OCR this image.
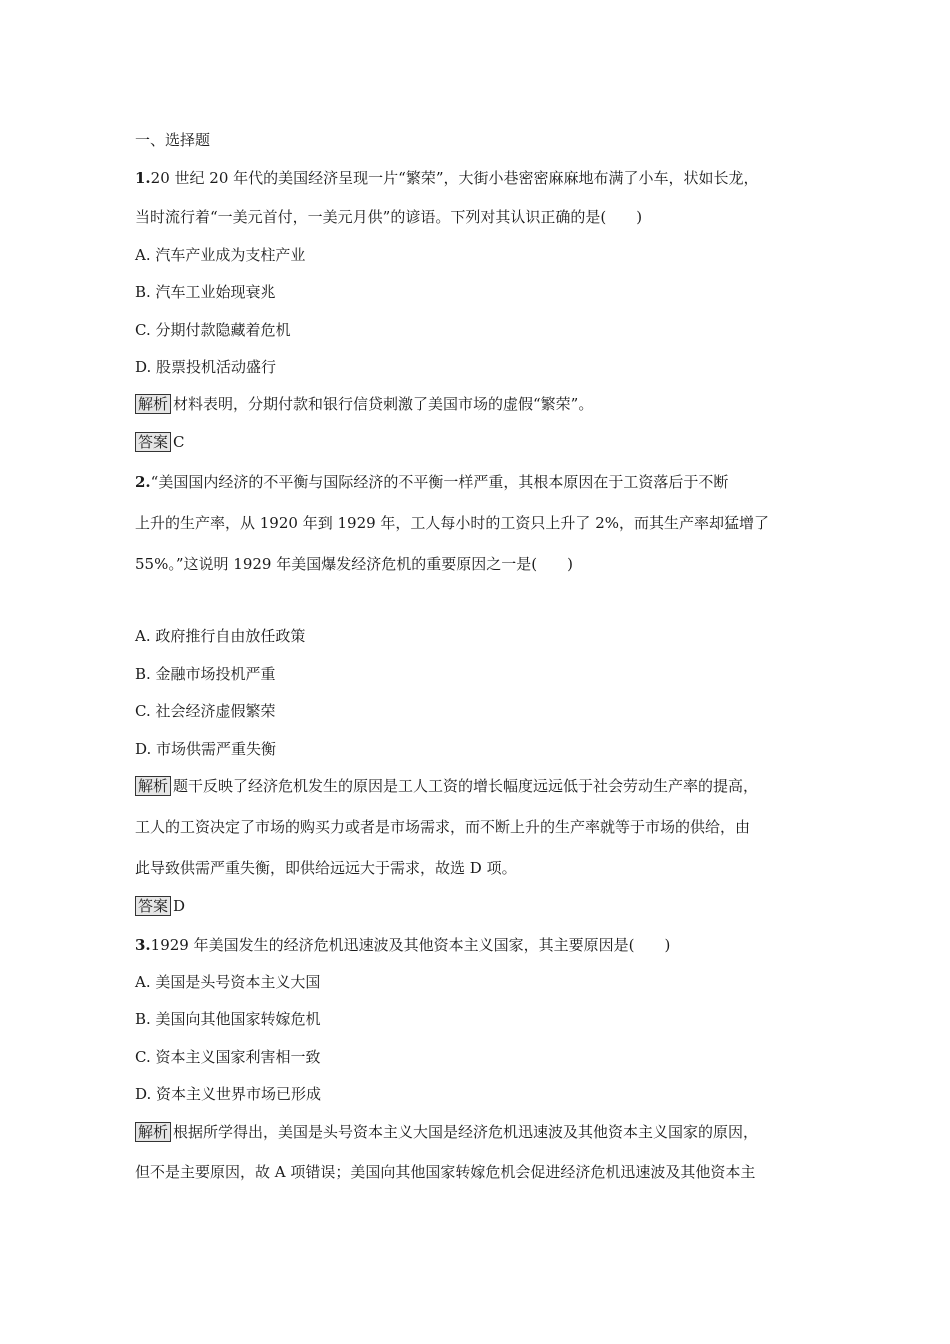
一、选择题
1.20 世纪 20 年代的美国经济呈现一片“繁荣”，大街小巷密密麻麻地布满了小车，状如长龙，
当时流行着“一美元首付，一美元月供”的谚语。下列对其认识正确的是(　　)
A. 汽车产业成为支柱产业
B. 汽车工业始现衰兆
C. 分期付款隐藏着危机
D. 股票投机活动盛行
解析 材料表明，分期付款和银行信贷刺激了美国市场的虚假“繁荣”。
答案 C
2.“美国国内经济的不平衡与国际经济的不平衡一样严重，其根本原因在于工资落后于不断
上升的生产率，从 1920 年到 1929 年，工人每小时的工资只上升了 2%，而其生产率却猛增了
55%。”这说明 1929 年美国爆发经济危机的重要原因之一是(　　)
A. 政府推行自由放任政策
B. 金融市场投机严重
C. 社会经济虚假繁荣
D. 市场供需严重失衡
解析 题干反映了经济危机发生的原因是工人工资的增长幅度远远低于社会劳动生产率的提高，
工人的工资决定了市场的购买力或者是市场需求，而不断上升的生产率就等于市场的供给，由
此导致供需严重失衡，即供给远远大于需求，故选 D 项。
答案 D
3.1929 年美国发生的经济危机迅速波及其他资本主义国家，其主要原因是(　　)
A. 美国是头号资本主义大国
B. 美国向其他国家转嫁危机
C. 资本主义国家利害相一致
D. 资本主义世界市场已形成
解析 根据所学得出，美国是头号资本主义大国是经济危机迅速波及其他资本主义国家的原因，
但不是主要原因，故 A 项错误；美国向其他国家转嫁危机会促进经济危机迅速波及其他资本主
